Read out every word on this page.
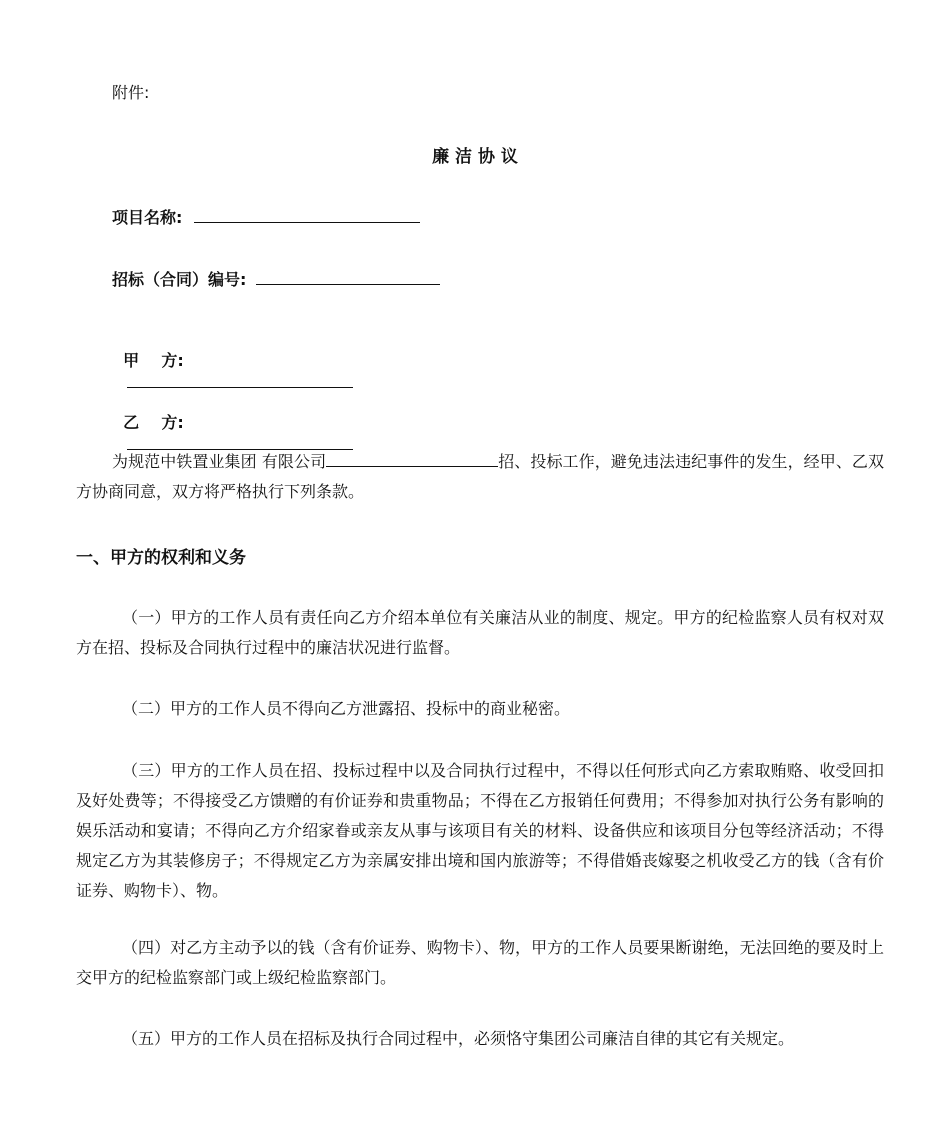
附件:
廉 洁 协 议
项目名称:
招标（合同）编号:

甲    方:

乙    方:

为规范中铁置业集团 有限公司	招、投标工作，避免违法违纪事件的发生，经甲、乙双方协商同意，双方将严格执行下列条款。
一、甲方的权利和义务
（一）甲方的工作人员有责任向乙方介绍本单位有关廉洁从业的制度、规定。甲方的纪检监察人员有权对双方在招、投标及合同执行过程中的廉洁状况进行监督。
（二）甲方的工作人员不得向乙方泄露招、投标中的商业秘密。
（三）甲方的工作人员在招、投标过程中以及合同执行过程中，不得以任何形式向乙方索取贿赂、收受回扣及好处费等；不得接受乙方馈赠的有价证券和贵重物品；不得在乙方报销任何费用；不得参加对执行公务有影响的娱乐活动和宴请；不得向乙方介绍家眷或亲友从事与该项目有关的材料、设备供应和该项目分包等经济活动；不得规定乙方为其装修房子；不得规定乙方为亲属安排出境和国内旅游等；不得借婚丧嫁娶之机收受乙方的钱（含有价证券、购物卡）、物。
（四）对乙方主动予以的钱（含有价证券、购物卡）、物，甲方的工作人员要果断谢绝，无法回绝的要及时上交甲方的纪检监察部门或上级纪检监察部门。
（五）甲方的工作人员在招标及执行合同过程中，必须恪守集团公司廉洁自律的其它有关规定。
